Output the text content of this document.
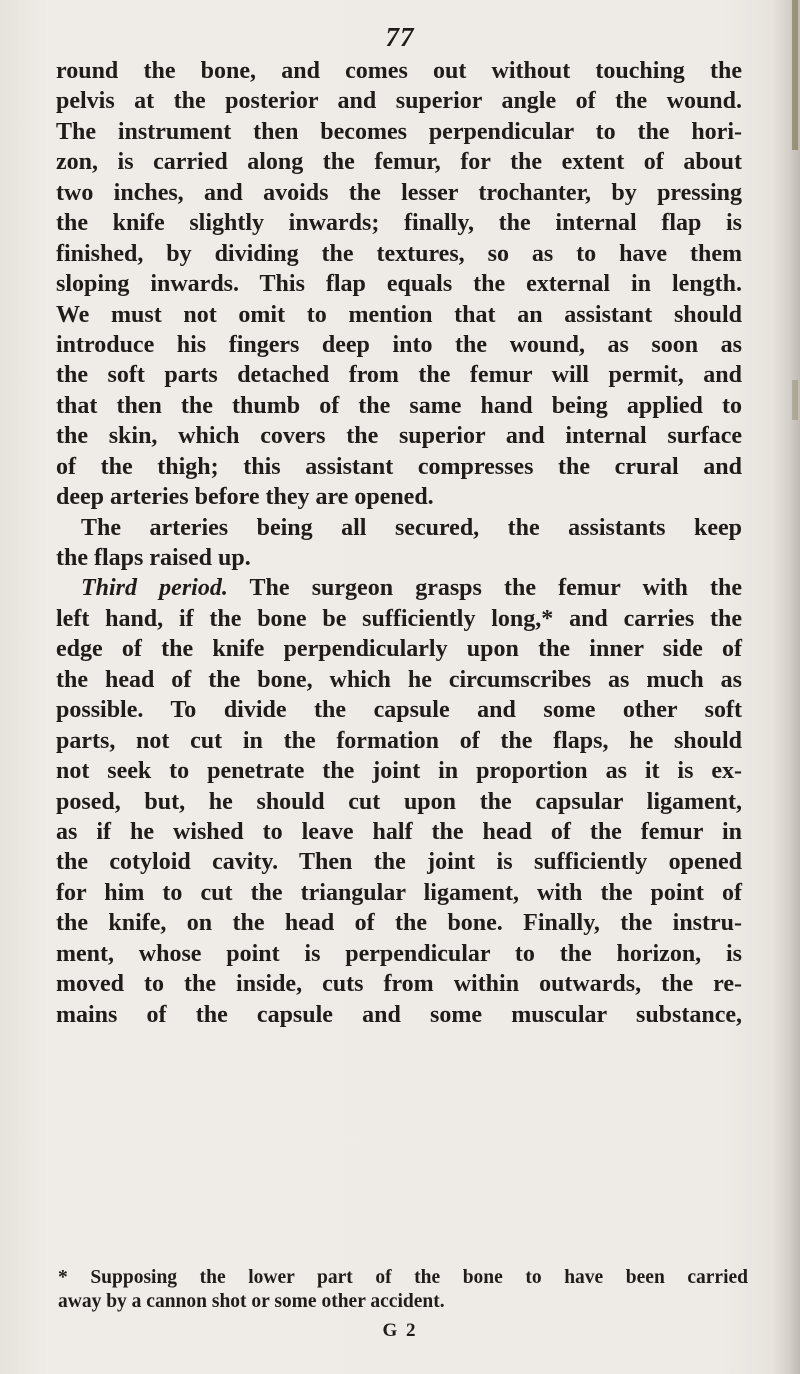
77
round the bone, and comes out without touching the
pelvis at the posterior and superior angle of the wound.
The instrument then becomes perpendicular to the hori-
zon, is carried along the femur, for the extent of about
two inches, and avoids the lesser trochanter, by pressing
the knife slightly inwards; finally, the internal flap is
finished, by dividing the textures, so as to have them
sloping inwards. This flap equals the external in length.
We must not omit to mention that an assistant should
introduce his fingers deep into the wound, as soon as
the soft parts detached from the femur will permit, and
that then the thumb of the same hand being applied to
the skin, which covers the superior and internal surface
of the thigh; this assistant compresses the crural and
deep arteries before they are opened.
The arteries being all secured, the assistants keep
the flaps raised up.
Third period. The surgeon grasps the femur with the
left hand, if the bone be sufficiently long,* and carries the
edge of the knife perpendicularly upon the inner side of
the head of the bone, which he circumscribes as much as
possible. To divide the capsule and some other soft
parts, not cut in the formation of the flaps, he should
not seek to penetrate the joint in proportion as it is ex-
posed, but, he should cut upon the capsular ligament,
as if he wished to leave half the head of the femur in
the cotyloid cavity. Then the joint is sufficiently opened
for him to cut the triangular ligament, with the point of
the knife, on the head of the bone. Finally, the instru-
ment, whose point is perpendicular to the horizon, is
moved to the inside, cuts from within outwards, the re-
mains of the capsule and some muscular substance,
* Supposing the lower part of the bone to have been carried
away by a cannon shot or some other accident.
G 2
